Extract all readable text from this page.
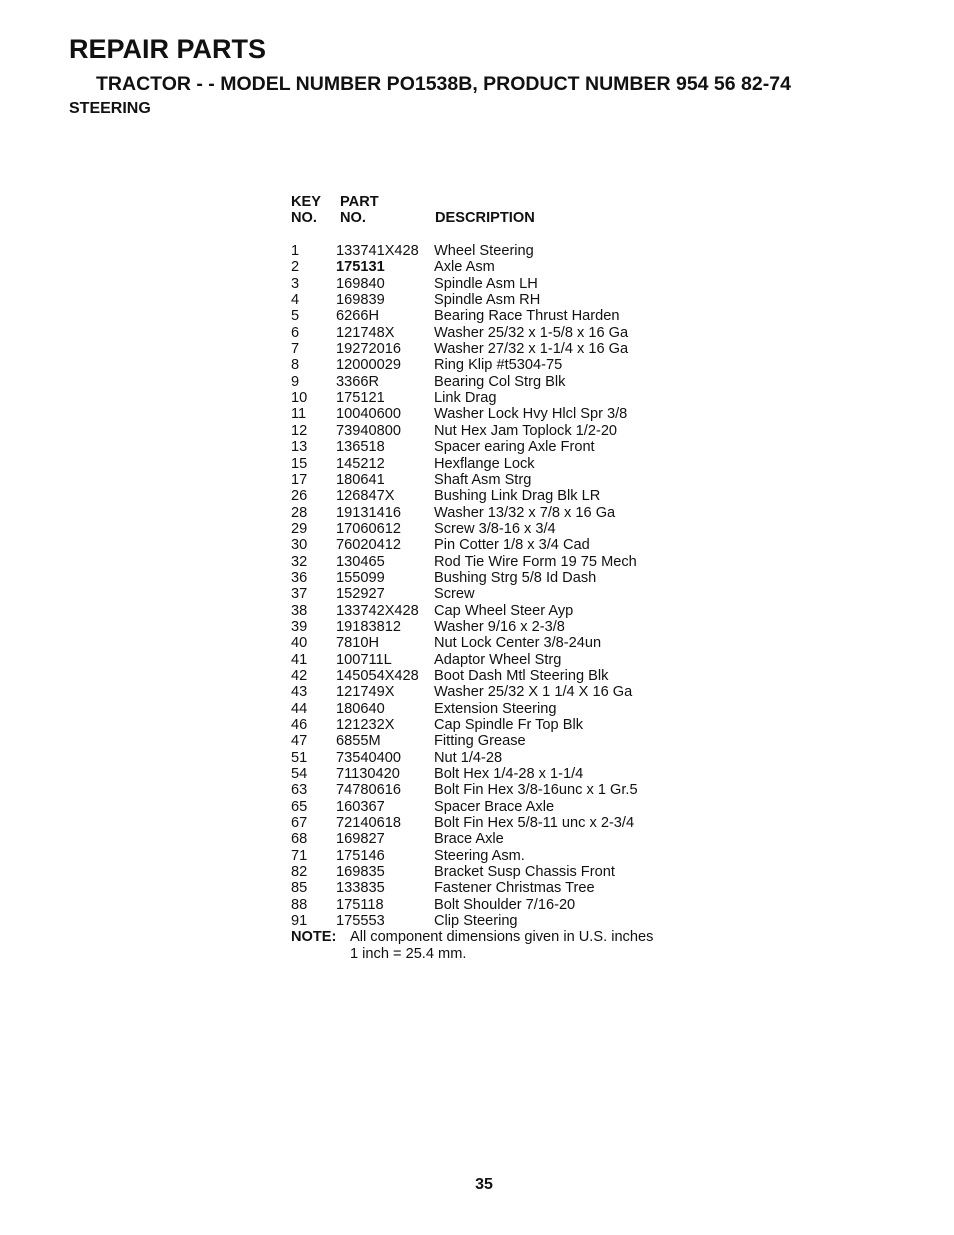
REPAIR PARTS
TRACTOR - - MODEL NUMBER PO1538B, PRODUCT NUMBER 954 56 82-74
STEERING
KEY
NO.
PART
NO.	DESCRIPTION
1	133741X428 Wheel Steering
2	175131	Axle Asm
3	169840	Spindle Asm LH
4	169839	Spindle Asm RH
5	6266H	Bearing Race Thrust Harden
6	121748X	Washer 25/32 x 1-5/8 x 16 Ga
7	19272016 Washer 27/32 x 1-1/4 x 16 Ga
8	12000029 Ring Klip #t5304-75
9	3366R	Bearing Col Strg Blk
10 175121	Link Drag
11 10040600 Washer Lock Hvy Hlcl Spr 3/8
12 73940800 Nut Hex Jam Toplock 1/2-20
13 136518	Spacer earing Axle Front
15 145212	Hexflange Lock
17 180641	Shaft Asm Strg
26 126847X	Bushing Link Drag Blk LR
28 19131416 Washer 13/32 x 7/8 x 16 Ga
29 17060612 Screw 3/8-16 x 3/4
30 76020412 Pin Cotter 1/8 x 3/4 Cad
32 130465	Rod Tie Wire Form 19 75 Mech
36 155099	Bushing Strg 5/8 Id Dash
37 152927	Screw
38 133742X428 Cap Wheel Steer Ayp
39 19183812 Washer 9/16 x 2-3/8
40 7810H	Nut Lock Center 3/8-24un
41 100711L	Adaptor Wheel Strg
42 145054X428 Boot Dash Mtl Steering Blk
43 121749X	Washer 25/32 X 1 1/4 X 16 Ga
44 180640	Extension Steering
46 121232X	Cap Spindle Fr Top Blk
47 6855M	Fitting Grease
51 73540400 Nut 1/4-28
54 71130420 Bolt Hex 1/4-28 x 1-1/4
63 74780616 Bolt Fin Hex 3/8-16unc x 1 Gr.5
65 160367	Spacer Brace Axle
67 72140618 Bolt Fin Hex 5/8-11 unc x 2-3/4
68 169827	Brace Axle
71 175146	Steering Asm.
82 169835	Bracket Susp Chassis Front
85 133835	Fastener Christmas Tree
88 175118	Bolt Shoulder 7/16-20
91 175553	Clip Steering
NOTE: All component dimensions given in U.S. inches
1 inch = 25.4 mm.
35
